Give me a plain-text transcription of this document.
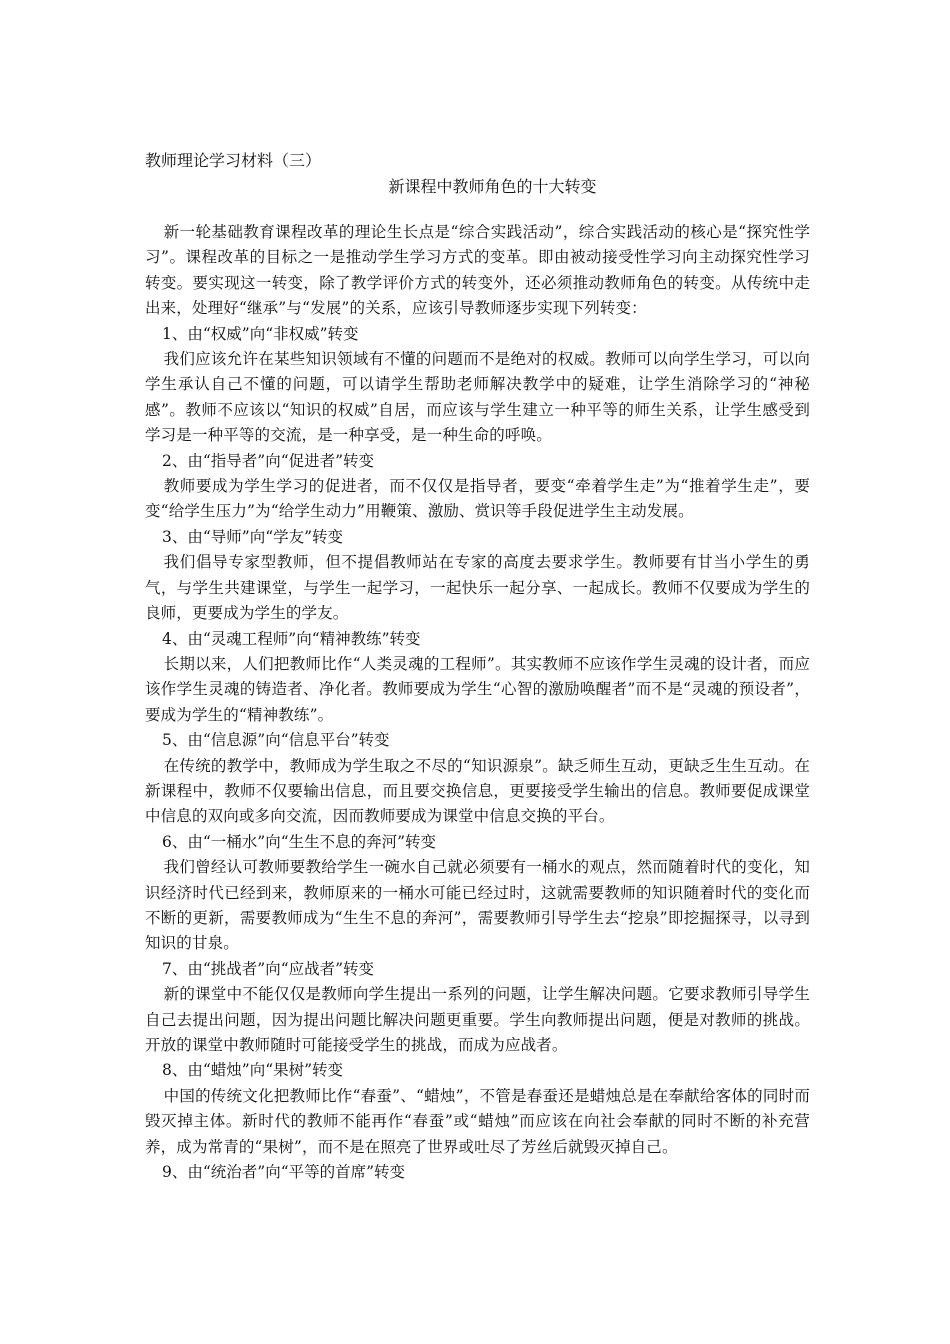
教师理论学习材料（三）

新课程中教师角色的十大转变

新一轮基础教育课程改革的理论生长点是“综合实践活动”，综合实践活动的核心是“探究性学习”。课程改革的目标之一是推动学生学习方式的变革。即由被动接受性学习向主动探究性学习转变。要实现这一转变，除了教学评价方式的转变外，还必须推动教师角色的转变。从传统中走出来，处理好“继承”与“发展”的关系，应该引导教师逐步实现下列转变：

1、由“权威”向“非权威”转变

我们应该允许在某些知识领域有不懂的问题而不是绝对的权威。教师可以向学生学习，可以向学生承认自己不懂的问题，可以请学生帮助老师解决教学中的疑难，让学生消除学习的“神秘感”。教师不应该以“知识的权威”自居，而应该与学生建立一种平等的师生关系，让学生感受到学习是一种平等的交流，是一种享受，是一种生命的呼唤。

2、由“指导者”向“促进者”转变

教师要成为学生学习的促进者，而不仅仅是指导者，要变“牵着学生走”为“推着学生走”，要变“给学生压力”为“给学生动力”用鞭策、激励、赏识等手段促进学生主动发展。

3、由“导师”向“学友”转变

我们倡导专家型教师，但不提倡教师站在专家的高度去要求学生。教师要有甘当小学生的勇气，与学生共建课堂，与学生一起学习，一起快乐一起分享、一起成长。教师不仅要成为学生的良师，更要成为学生的学友。

4、由“灵魂工程师”向“精神教练”转变

长期以来，人们把教师比作“人类灵魂的工程师”。其实教师不应该作学生灵魂的设计者，而应该作学生灵魂的铸造者、净化者。教师要成为学生“心智的激励唤醒者”而不是“灵魂的预设者”，要成为学生的“精神教练”。

5、由“信息源”向“信息平台”转变

在传统的教学中，教师成为学生取之不尽的“知识源泉”。缺乏师生互动，更缺乏生生互动。在新课程中，教师不仅要输出信息，而且要交换信息，更要接受学生输出的信息。教师要促成课堂中信息的双向或多向交流，因而教师要成为课堂中信息交换的平台。

6、由“一桶水”向“生生不息的奔河”转变

我们曾经认可教师要教给学生一碗水自己就必须要有一桶水的观点，然而随着时代的变化，知识经济时代已经到来，教师原来的一桶水可能已经过时，这就需要教师的知识随着时代的变化而不断的更新，需要教师成为“生生不息的奔河”，需要教师引导学生去“挖泉”即挖掘探寻，以寻到知识的甘泉。

7、由“挑战者”向“应战者”转变

新的课堂中不能仅仅是教师向学生提出一系列的问题，让学生解决问题。它要求教师引导学生自己去提出问题，因为提出问题比解决问题更重要。学生向教师提出问题，便是对教师的挑战。开放的课堂中教师随时可能接受学生的挑战，而成为应战者。

8、由“蜡烛”向“果树”转变

中国的传统文化把教师比作“春蚕”、“蜡烛”，不管是春蚕还是蜡烛总是在奉献给客体的同时而毁灭掉主体。新时代的教师不能再作“春蚕”或“蜡烛”而应该在向社会奉献的同时不断的补充营养，成为常青的“果树”，而不是在照亮了世界或吐尽了芳丝后就毁灭掉自己。

9、由“统治者”向“平等的首席”转变
